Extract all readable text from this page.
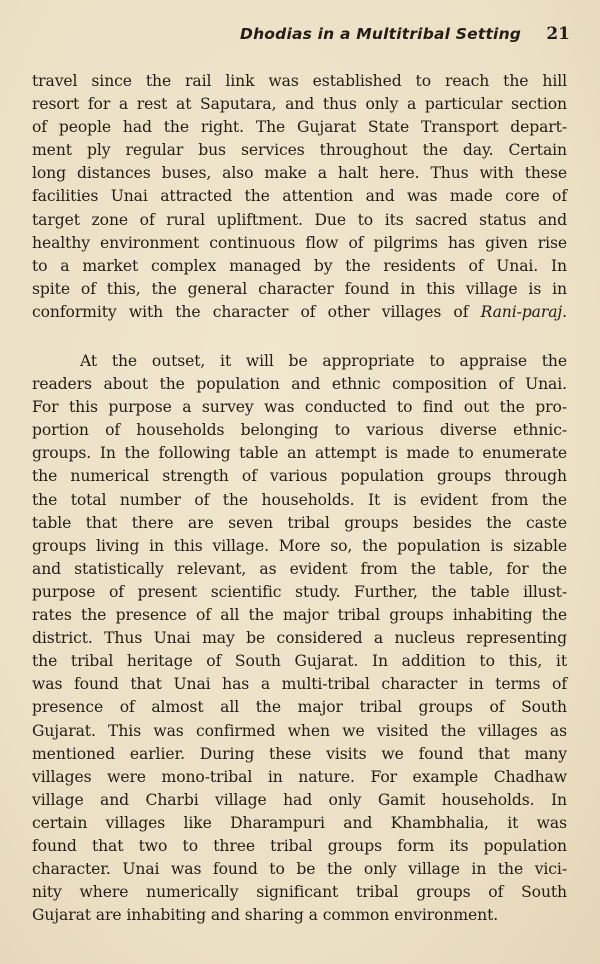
Dhodias in a Multitribal Setting 21
travel since the rail link was established to reach the hill
resort for a rest at Saputara, and thus only a particular section
of people had the right. The Gujarat State Transport depart-
ment ply regular bus services throughout the day. Certain
long distances buses, also make a halt here. Thus with these
facilities Unai attracted the attention and was made core of
target zone of rural upliftment. Due to its sacred status and
healthy environment continuous flow of pilgrims has given rise
to a market complex managed by the residents of Unai. In
spite of this, the general character found in this village is in
conformity with the character of other villages of Rani-paraj.
At the outset, it will be appropriate to appraise the
readers about the population and ethnic composition of Unai.
For this purpose a survey was conducted to find out the pro-
portion of households belonging to various diverse ethnic-
groups. In the following table an attempt is made to enumerate
the numerical strength of various population groups through
the total number of the households. It is evident from the
table that there are seven tribal groups besides the caste
groups living in this village. More so, the population is sizable
and statistically relevant, as evident from the table, for the
purpose of present scientific study. Further, the table illust-
rates the presence of all the major tribal groups inhabiting the
district. Thus Unai may be considered a nucleus representing
the tribal heritage of South Gujarat. In addition to this, it
was found that Unai has a multi-tribal character in terms of
presence of almost all the major tribal groups of South
Gujarat. This was confirmed when we visited the villages as
mentioned earlier. During these visits we found that many
villages were mono-tribal in nature. For example Chadhaw
village and Charbi village had only Gamit households. In
certain villages like Dharampuri and Khambhalia, it was
found that two to three tribal groups form its population
character. Unai was found to be the only village in the vici-
nity where numerically significant tribal groups of South
Gujarat are inhabiting and sharing a common environment.
